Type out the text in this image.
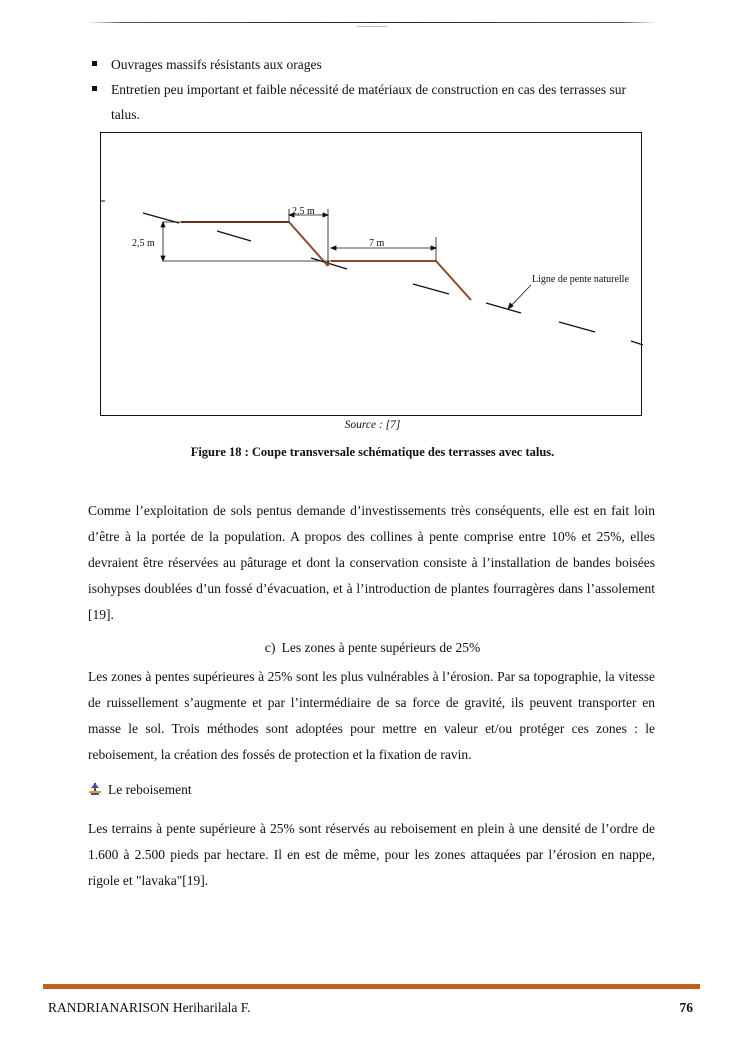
Ouvrages massifs résistants aux orages
Entretien peu important et faible nécessité de matériaux de construction en cas des terrasses sur talus.
2,5 m
2,5 m	7 m
Ligne de pente naturelle
Source : [7]
Figure 18 : Coupe transversale schématique des terrasses avec talus.

Comme l’exploitation de sols pentus demande d’investissements très conséquents, elle est en fait loin d’être à la portée de la population. A propos des collines à pente comprise entre 10% et 25%, elles devraient être réservées au pâturage et dont la conservation consiste à l’installation de bandes boisées isohypses doublées d’un fossé d’évacuation, et à l’introduction de plantes fourragères dans l’assolement [19].

c) Les zones à pente supérieurs de 25%

Les zones à pentes supérieures à 25% sont les plus vulnérables à l’érosion. Par sa topographie, la vitesse de ruissellement s’augmente et par l’intermédiaire de sa force de gravité, ils peuvent transporter en masse le sol. Trois méthodes sont adoptées pour mettre en valeur et/ou protéger ces zones : le reboisement, la création des fossés de protection et la fixation de ravin.

Le reboisement

Les terrains à pente supérieure à 25% sont réservés au reboisement en plein à une densité de l’ordre de 1.600 à 2.500 pieds par hectare. Il en est de même, pour les zones attaquées par l’érosion en nappe, rigole et "lavaka"[19].

RANDRIANARISON Heriharilala F.	76
